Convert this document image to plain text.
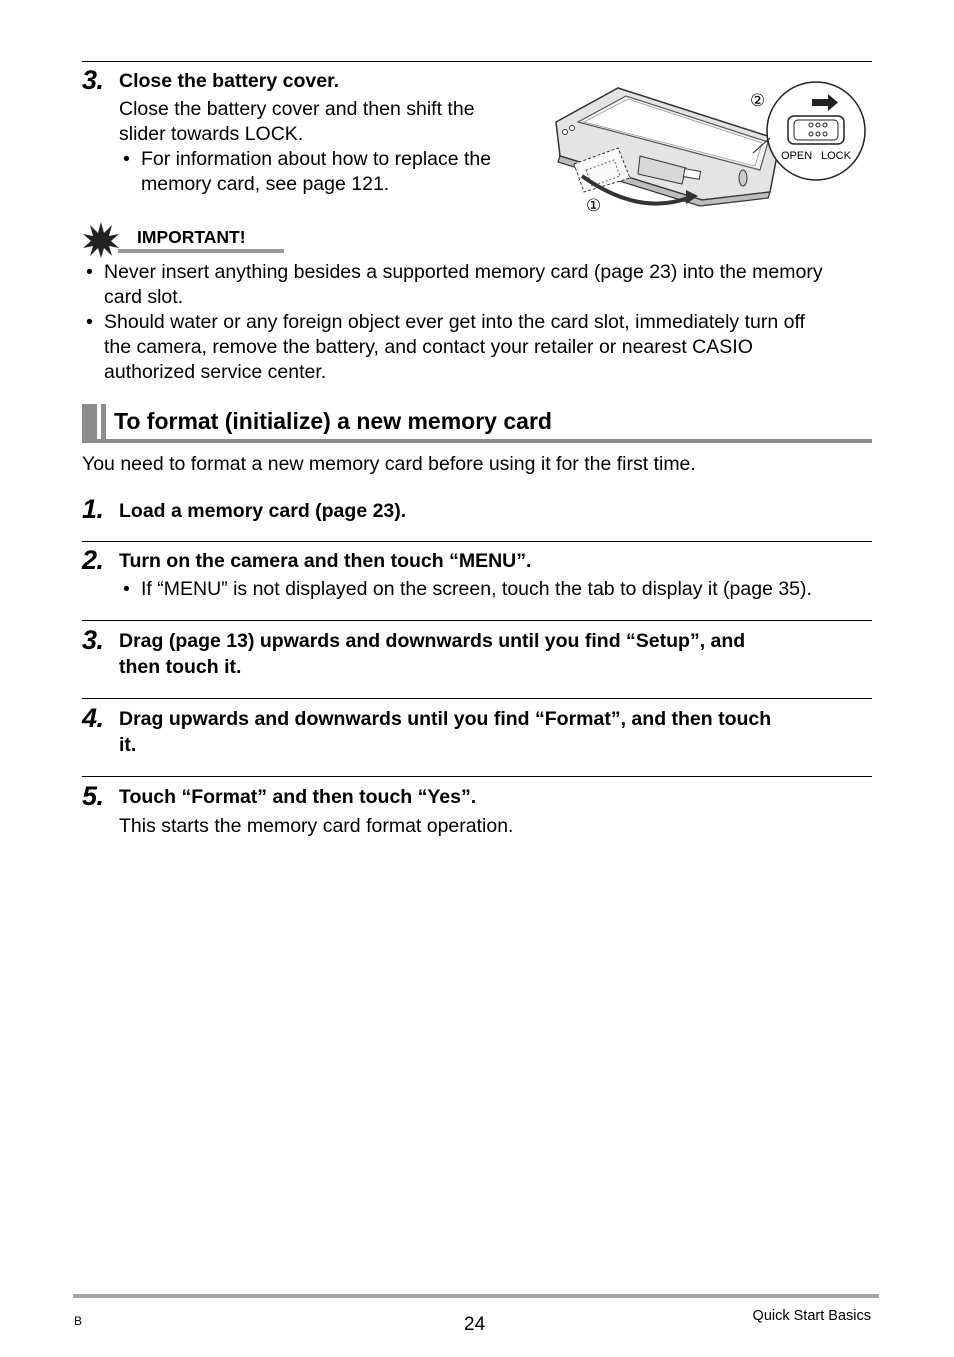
3. Close the battery cover.
Close the battery cover and then shift the
slider towards LOCK.
• For information about how to replace the
memory card, see page 121.
①
②
OPEN LOCK
IMPORTANT!
• Never insert anything besides a supported memory card (page 23) into the memory
card slot.
• Should water or any foreign object ever get into the card slot, immediately turn off
the camera, remove the battery, and contact your retailer or nearest CASIO
authorized service center.
To format (initialize) a new memory card
You need to format a new memory card before using it for the first time.
1. Load a memory card (page 23).
2. Turn on the camera and then touch “MENU”.
• If “MENU” is not displayed on the screen, touch the tab to display it (page 35).
3. Drag (page 13) upwards and downwards until you find “Setup”, and
then touch it.
4. Drag upwards and downwards until you find “Format”, and then touch
it.
5. Touch “Format” and then touch “Yes”.
This starts the memory card format operation.
B	24	Quick Start Basics
